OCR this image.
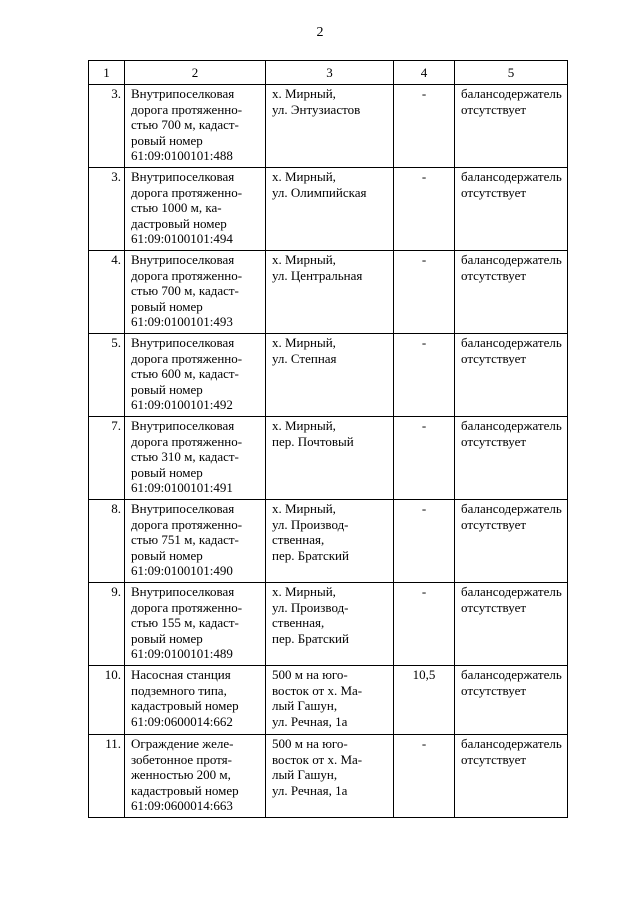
2
1	2	3	4	5
3.	Внутрипоселковая
дорога протяженно-
стью 700 м, кадаст-
ровый номер
61:09:0100101:488	х. Мирный,
ул. Энтузиастов	-	балансодержатель
отсутствует
3.	Внутрипоселковая
дорога протяженно-
стью 1000 м, ка-
дастровый номер
61:09:0100101:494	х. Мирный,
ул. Олимпийская	-	балансодержатель
отсутствует
4.	Внутрипоселковая
дорога протяженно-
стью 700 м, кадаст-
ровый номер
61:09:0100101:493	х. Мирный,
ул. Центральная	-	балансодержатель
отсутствует
5.	Внутрипоселковая
дорога протяженно-
стью 600 м, кадаст-
ровый номер
61:09:0100101:492	х. Мирный,
ул. Степная	-	балансодержатель
отсутствует
7.	Внутрипоселковая
дорога протяженно-
стью 310 м, кадаст-
ровый номер
61:09:0100101:491	х. Мирный,
пер. Почтовый	-	балансодержатель
отсутствует
8.	Внутрипоселковая
дорога протяженно-
стью 751 м, кадаст-
ровый номер
61:09:0100101:490	х. Мирный,
ул. Производ-
ственная,
пер. Братский	-	балансодержатель
отсутствует
9.	Внутрипоселковая
дорога протяженно-
стью 155 м, кадаст-
ровый номер
61:09:0100101:489	х. Мирный,
ул. Производ-
ственная,
пер. Братский	-	балансодержатель
отсутствует
10.	Насосная станция
подземного типа,
кадастровый номер
61:09:0600014:662	500 м на юго-
восток от х. Ма-
лый Гашун,
ул. Речная, 1а	10,5	балансодержатель
отсутствует
11.	Ограждение желе-
зобетонное протя-
женностью 200 м,
кадастровый номер
61:09:0600014:663	500 м на юго-
восток от х. Ма-
лый Гашун,
ул. Речная, 1а	-	балансодержатель
отсутствует
